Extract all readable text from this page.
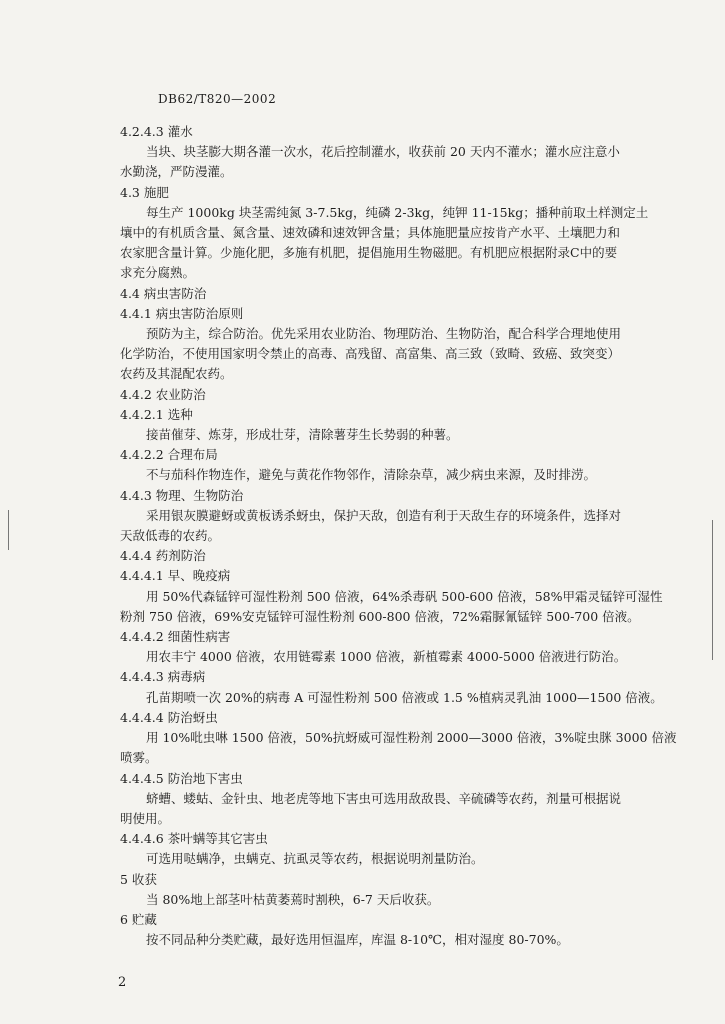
DB62/T820—2002
4.2.4.3 灌水
当块、块茎膨大期各灌一次水，花后控制灌水，收获前 20 天内不灌水；灌水应注意小
水勤浇，严防漫灌。
4.3 施肥
每生产 1000kg 块茎需纯氮 3-7.5kg，纯磷 2-3kg，纯钾 11-15kg；播种前取土样测定土
壤中的有机质含量、氮含量、速效磷和速效钾含量；具体施肥量应按肯产水平、土壤肥力和
农家肥含量计算。少施化肥，多施有机肥，提倡施用生物磁肥。有机肥应根据附录C中的要
求充分腐熟。
4.4 病虫害防治
4.4.1 病虫害防治原则
预防为主，综合防治。优先采用农业防治、物理防治、生物防治，配合科学合理地使用
化学防治，不使用国家明令禁止的高毒、高残留、高富集、高三致（致畸、致癌、致突变）
农药及其混配农药。
4.4.2 农业防治
4.4.2.1 选种
接苗催芽、炼芽，形成壮芽，清除薯芽生长势弱的种薯。
4.4.2.2 合理布局
不与茄科作物连作，避免与黄花作物邻作，清除杂草，减少病虫来源，及时排涝。
4.4.3 物理、生物防治
采用银灰膜避蚜或黄板诱杀蚜虫，保护天敌，创造有利于天敌生存的环境条件，选择对
天敌低毒的农药。
4.4.4 药剂防治
4.4.4.1 早、晚疫病
用 50%代森锰锌可湿性粉剂 500 倍液，64%杀毒矾 500-600 倍液，58%甲霜灵锰锌可湿性
粉剂 750 倍液，69%安克锰锌可湿性粉剂 600-800 倍液，72%霜脲氰锰锌 500-700 倍液。
4.4.4.2 细菌性病害
用农丰宁 4000 倍液，农用链霉素 1000 倍液，新植霉素 4000-5000 倍液进行防治。
4.4.4.3 病毒病
孔苗期喷一次 20%的病毒 A 可湿性粉剂 500 倍液或 1.5 %植病灵乳油 1000—1500 倍液。
4.4.4.4 防治蚜虫
用 10%吡虫啉 1500 倍液，50%抗蚜威可湿性粉剂 2000—3000 倍液，3%啶虫脒 3000 倍液
喷雾。
4.4.4.5 防治地下害虫
蛴螬、蝼蛄、金针虫、地老虎等地下害虫可选用敌敌畏、辛硫磷等农药，剂量可根据说
明使用。
4.4.4.6 茶叶螨等其它害虫
可选用哒螨净，虫螨克、抗虱灵等农药，根据说明剂量防治。
5 收获
当 80%地上部茎叶枯黄萎蔫时割秧，6-7 天后收获。
6 贮藏
按不同品种分类贮藏，最好选用恒温库，库温 8-10℃，相对湿度 80-70%。
2
